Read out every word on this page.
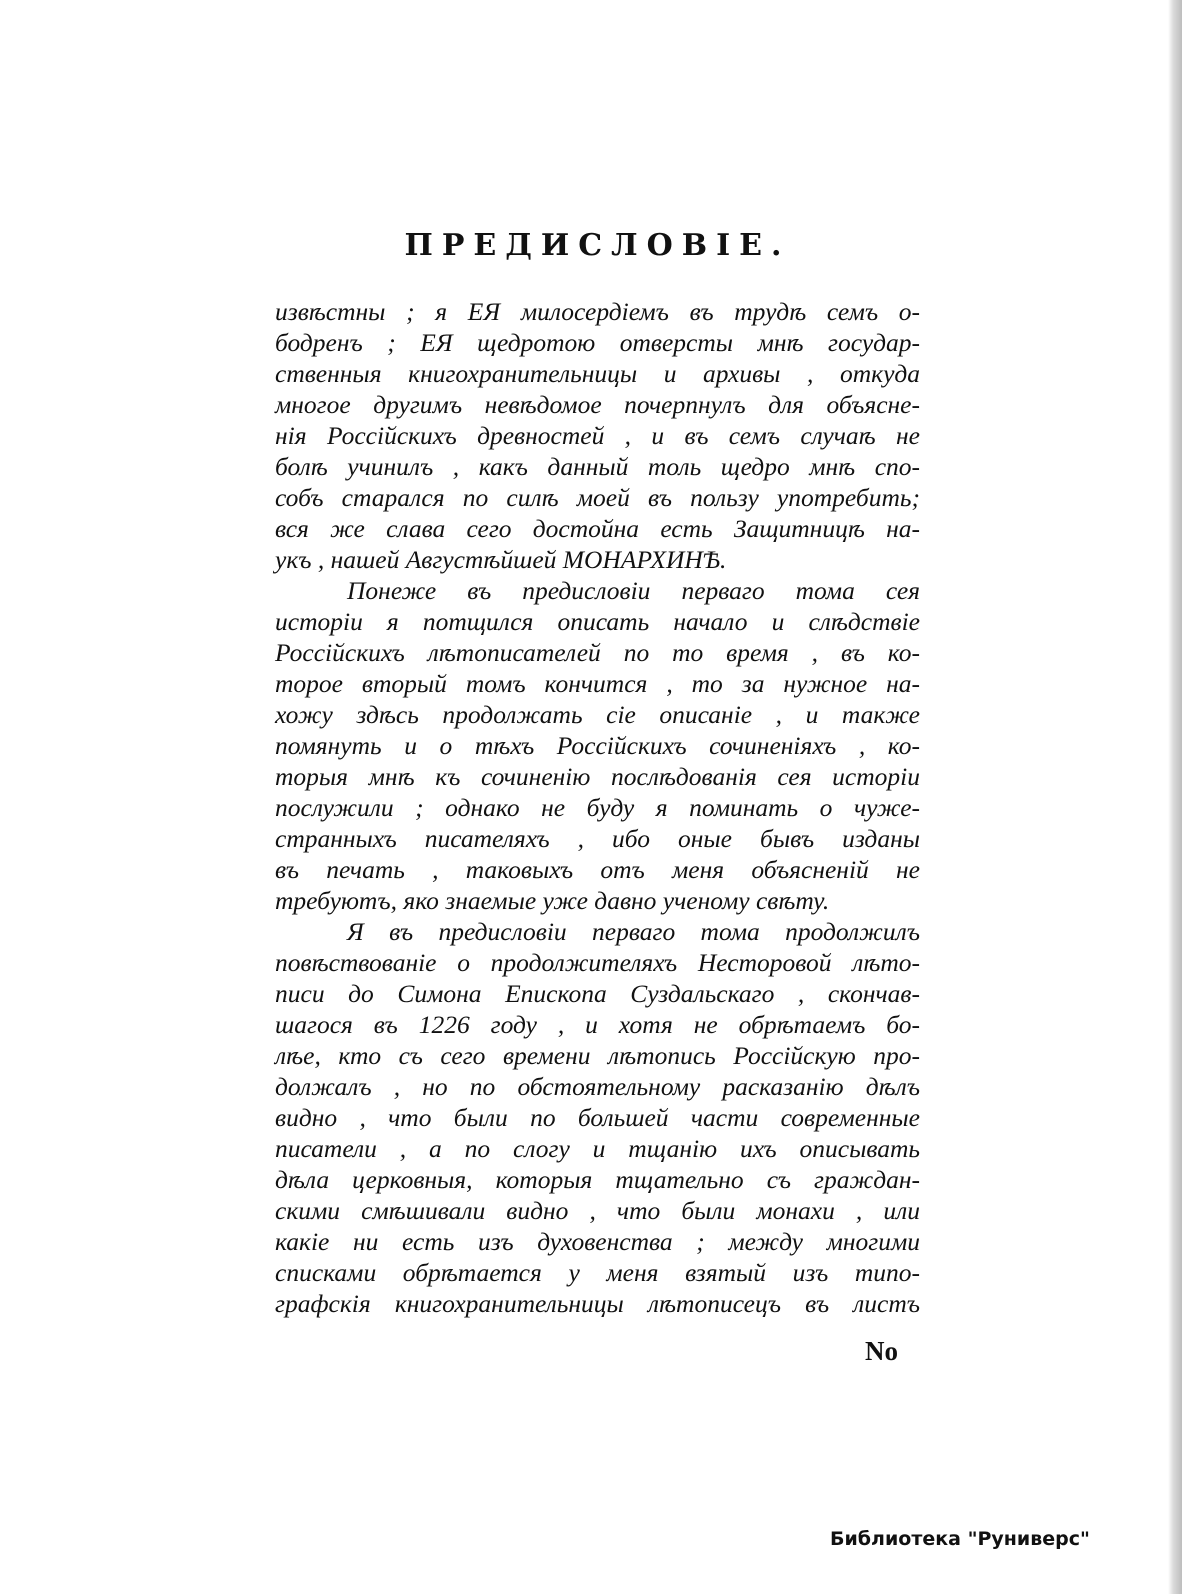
ПРЕДИСЛОВІЕ.
извѣстны ; я ЕЯ милосердіемъ въ трудѣ семъ о-
бодренъ ; ЕЯ щедротою отверсты мнѣ государ-
ственныя книгохранительницы и архивы , откуда
многое другимъ невѣдомое почерпнулъ для объясне-
нія Россійскихъ древностей , и въ семъ случаѣ не
болѣ учинилъ , какъ данный толь щедро мнѣ спо-
собъ старался по силѣ моей въ пользу употребить;
вся же слава сего достойна есть Защитницѣ на-
укъ , нашей Августѣйшей МОНАРХИНѢ.
Понеже въ предисловіи перваго тома сея
исторіи я потщился описать начало и слѣдствіе
Россійскихъ лѣтописателей по то время , въ ко-
торое вторый томъ кончится , то за нужное на-
хожу здѣсь продолжать сіе описаніе , и также
помянуть и о тѣхъ Россійскихъ сочиненіяхъ , ко-
торыя мнѣ къ сочиненію послѣдованія сея исторіи
послужили ; однако не буду я поминать о чуже-
странныхъ писателяхъ , ибо оные бывъ изданы
въ печать , таковыхъ отъ меня объясненій не
требуютъ, яко знаемые уже давно ученому свѣту.
Я въ предисловіи перваго тома продолжилъ
повѣствованіе о продолжителяхъ Несторовой лѣто-
писи до Симона Епископа Суздальскаго , скончав-
шагося въ 1226 году , и хотя не обрѣтаемъ бо-
лѣе, кто съ сего времени лѣтопись Россійскую про-
должалъ , но по обстоятельному расказанію дѣлъ
видно , что были по большей части современные
писатели , а по слогу и тщанію ихъ описывать
дѣла церковныя, которыя тщательно съ граждан-
скими смѣшивали видно , что были монахи , или
какіе ни есть изъ духовенства ; между многими
списками обрѣтается у меня взятый изъ типо-
графскія книгохранительницы лѣтописецъ въ листъ
No
Библиотека "Руниверс"
